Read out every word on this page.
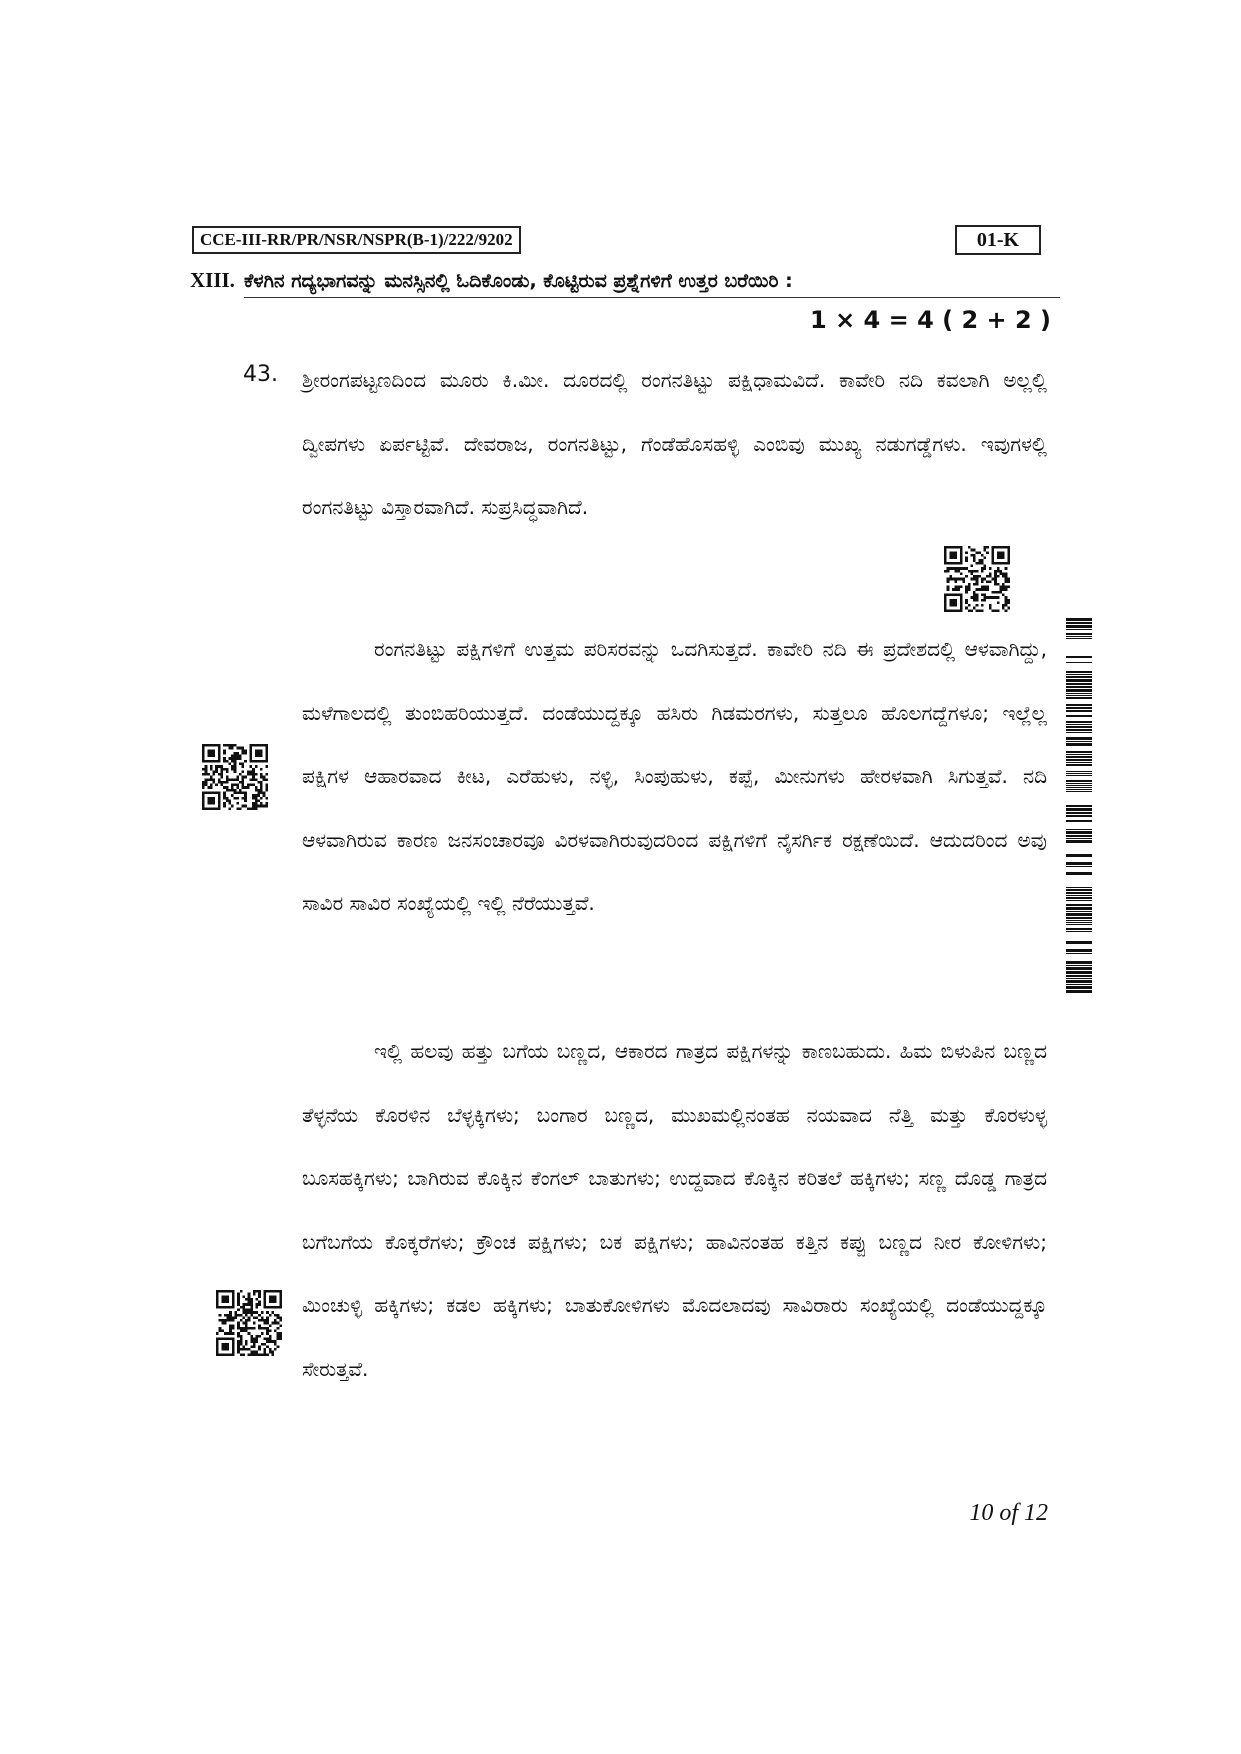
CCE-III-RR/PR/NSR/NSPR(B-1)/222/9202	01-K
XIII. ಕೆಳಗಿನ ಗದ್ಯಭಾಗವನ್ನು ಮನಸ್ಸಿನಲ್ಲಿ ಓದಿಕೊಂಡು, ಕೊಟ್ಟಿರುವ ಪ್ರಶ್ನೆಗಳಿಗೆ ಉತ್ತರ ಬರೆಯಿರಿ :
1 × 4 = 4 ( 2 + 2 )
43. ಶ್ರೀರಂಗಪಟ್ಟಣದಿಂದ ಮೂರು ಕಿ.ಮೀ. ದೂರದಲ್ಲಿ ರಂಗನತಿಟ್ಟು ಪಕ್ಷಿಧಾಮವಿದೆ. ಕಾವೇರಿ ನದಿ ಕವಲಾಗಿ ಅಲ್ಲಲ್ಲಿ ದ್ವೀಪಗಳು ಏರ್ಪಟ್ಟಿವೆ. ದೇವರಾಜ, ರಂಗನತಿಟ್ಟು, ಗೆಂಡೆಹೊಸಹಳ್ಳಿ ಎಂಬಿವು ಮುಖ್ಯ ನಡುಗಡ್ಡೆಗಳು. ಇವುಗಳಲ್ಲಿ ರಂಗನತಿಟ್ಟು ವಿಸ್ತಾರವಾಗಿದೆ. ಸುಪ್ರಸಿದ್ಧವಾಗಿದೆ.

ರಂಗನತಿಟ್ಟು ಪಕ್ಷಿಗಳಿಗೆ ಉತ್ತಮ ಪರಿಸರವನ್ನು ಒದಗಿಸುತ್ತದೆ. ಕಾವೇರಿ ನದಿ ಈ ಪ್ರದೇಶದಲ್ಲಿ ಆಳವಾಗಿದ್ದು, ಮಳೆಗಾಲದಲ್ಲಿ ತುಂಬಿಹರಿಯುತ್ತದೆ. ದಂಡೆಯುದ್ದಕ್ಕೂ ಹಸಿರು ಗಿಡಮರಗಳು, ಸುತ್ತಲೂ ಹೊಲಗದ್ದೆಗಳೂ; ಇಲ್ಲೆಲ್ಲ ಪಕ್ಷಿಗಳ ಆಹಾರವಾದ ಕೀಟ, ಎರೆಹುಳು, ನಳ್ಳಿ, ಸಿಂಪುಹುಳು, ಕಪ್ಪೆ, ಮೀನುಗಳು ಹೇರಳವಾಗಿ ಸಿಗುತ್ತವೆ. ನದಿ ಆಳವಾಗಿರುವ ಕಾರಣ ಜನಸಂಚಾರವೂ ವಿರಳವಾಗಿರುವುದರಿಂದ ಪಕ್ಷಿಗಳಿಗೆ ನೈಸರ್ಗಿಕ ರಕ್ಷಣೆಯಿದೆ. ಆದುದರಿಂದ ಅವು ಸಾವಿರ ಸಾವಿರ ಸಂಖ್ಯೆಯಲ್ಲಿ ಇಲ್ಲಿ ನೆರೆಯುತ್ತವೆ.

ಇಲ್ಲಿ ಹಲವು ಹತ್ತು ಬಗೆಯ ಬಣ್ಣದ, ಆಕಾರದ ಗಾತ್ರದ ಪಕ್ಷಿಗಳನ್ನು ಕಾಣಬಹುದು. ಹಿಮ ಬಿಳುಪಿನ ಬಣ್ಣದ ತೆಳ್ಳನೆಯ ಕೊರಳಿನ ಬೆಳ್ಳಕ್ಕಿಗಳು; ಬಂಗಾರ ಬಣ್ಣದ, ಮುಖಮಲ್ಲಿನಂತಹ ನಯವಾದ ನೆತ್ತಿ ಮತ್ತು ಕೊರಳುಳ್ಳ ಬೂಸಹಕ್ಕಿಗಳು; ಬಾಗಿರುವ ಕೊಕ್ಕಿನ ಕೆಂಗಲ್ ಬಾತುಗಳು; ಉದ್ದವಾದ ಕೊಕ್ಕಿನ ಕರಿತಲೆ ಹಕ್ಕಿಗಳು; ಸಣ್ಣ ದೊಡ್ಡ ಗಾತ್ರದ ಬಗೆಬಗೆಯ ಕೊಕ್ಕರೆಗಳು; ಕ್ರೌಂಚ ಪಕ್ಷಿಗಳು; ಬಕ ಪಕ್ಷಿಗಳು; ಹಾವಿನಂತಹ ಕತ್ತಿನ ಕಪ್ಪು ಬಣ್ಣದ ನೀರ ಕೋಳಿಗಳು; ಮಿಂಚುಳ್ಳಿ ಹಕ್ಕಿಗಳು; ಕಡಲ ಹಕ್ಕಿಗಳು; ಬಾತುಕೋಳಿಗಳು ಮೊದಲಾದವು ಸಾವಿರಾರು ಸಂಖ್ಯೆಯಲ್ಲಿ ದಂಡೆಯುದ್ದಕ್ಕೂ ಸೇರುತ್ತವೆ.

10 of 12
